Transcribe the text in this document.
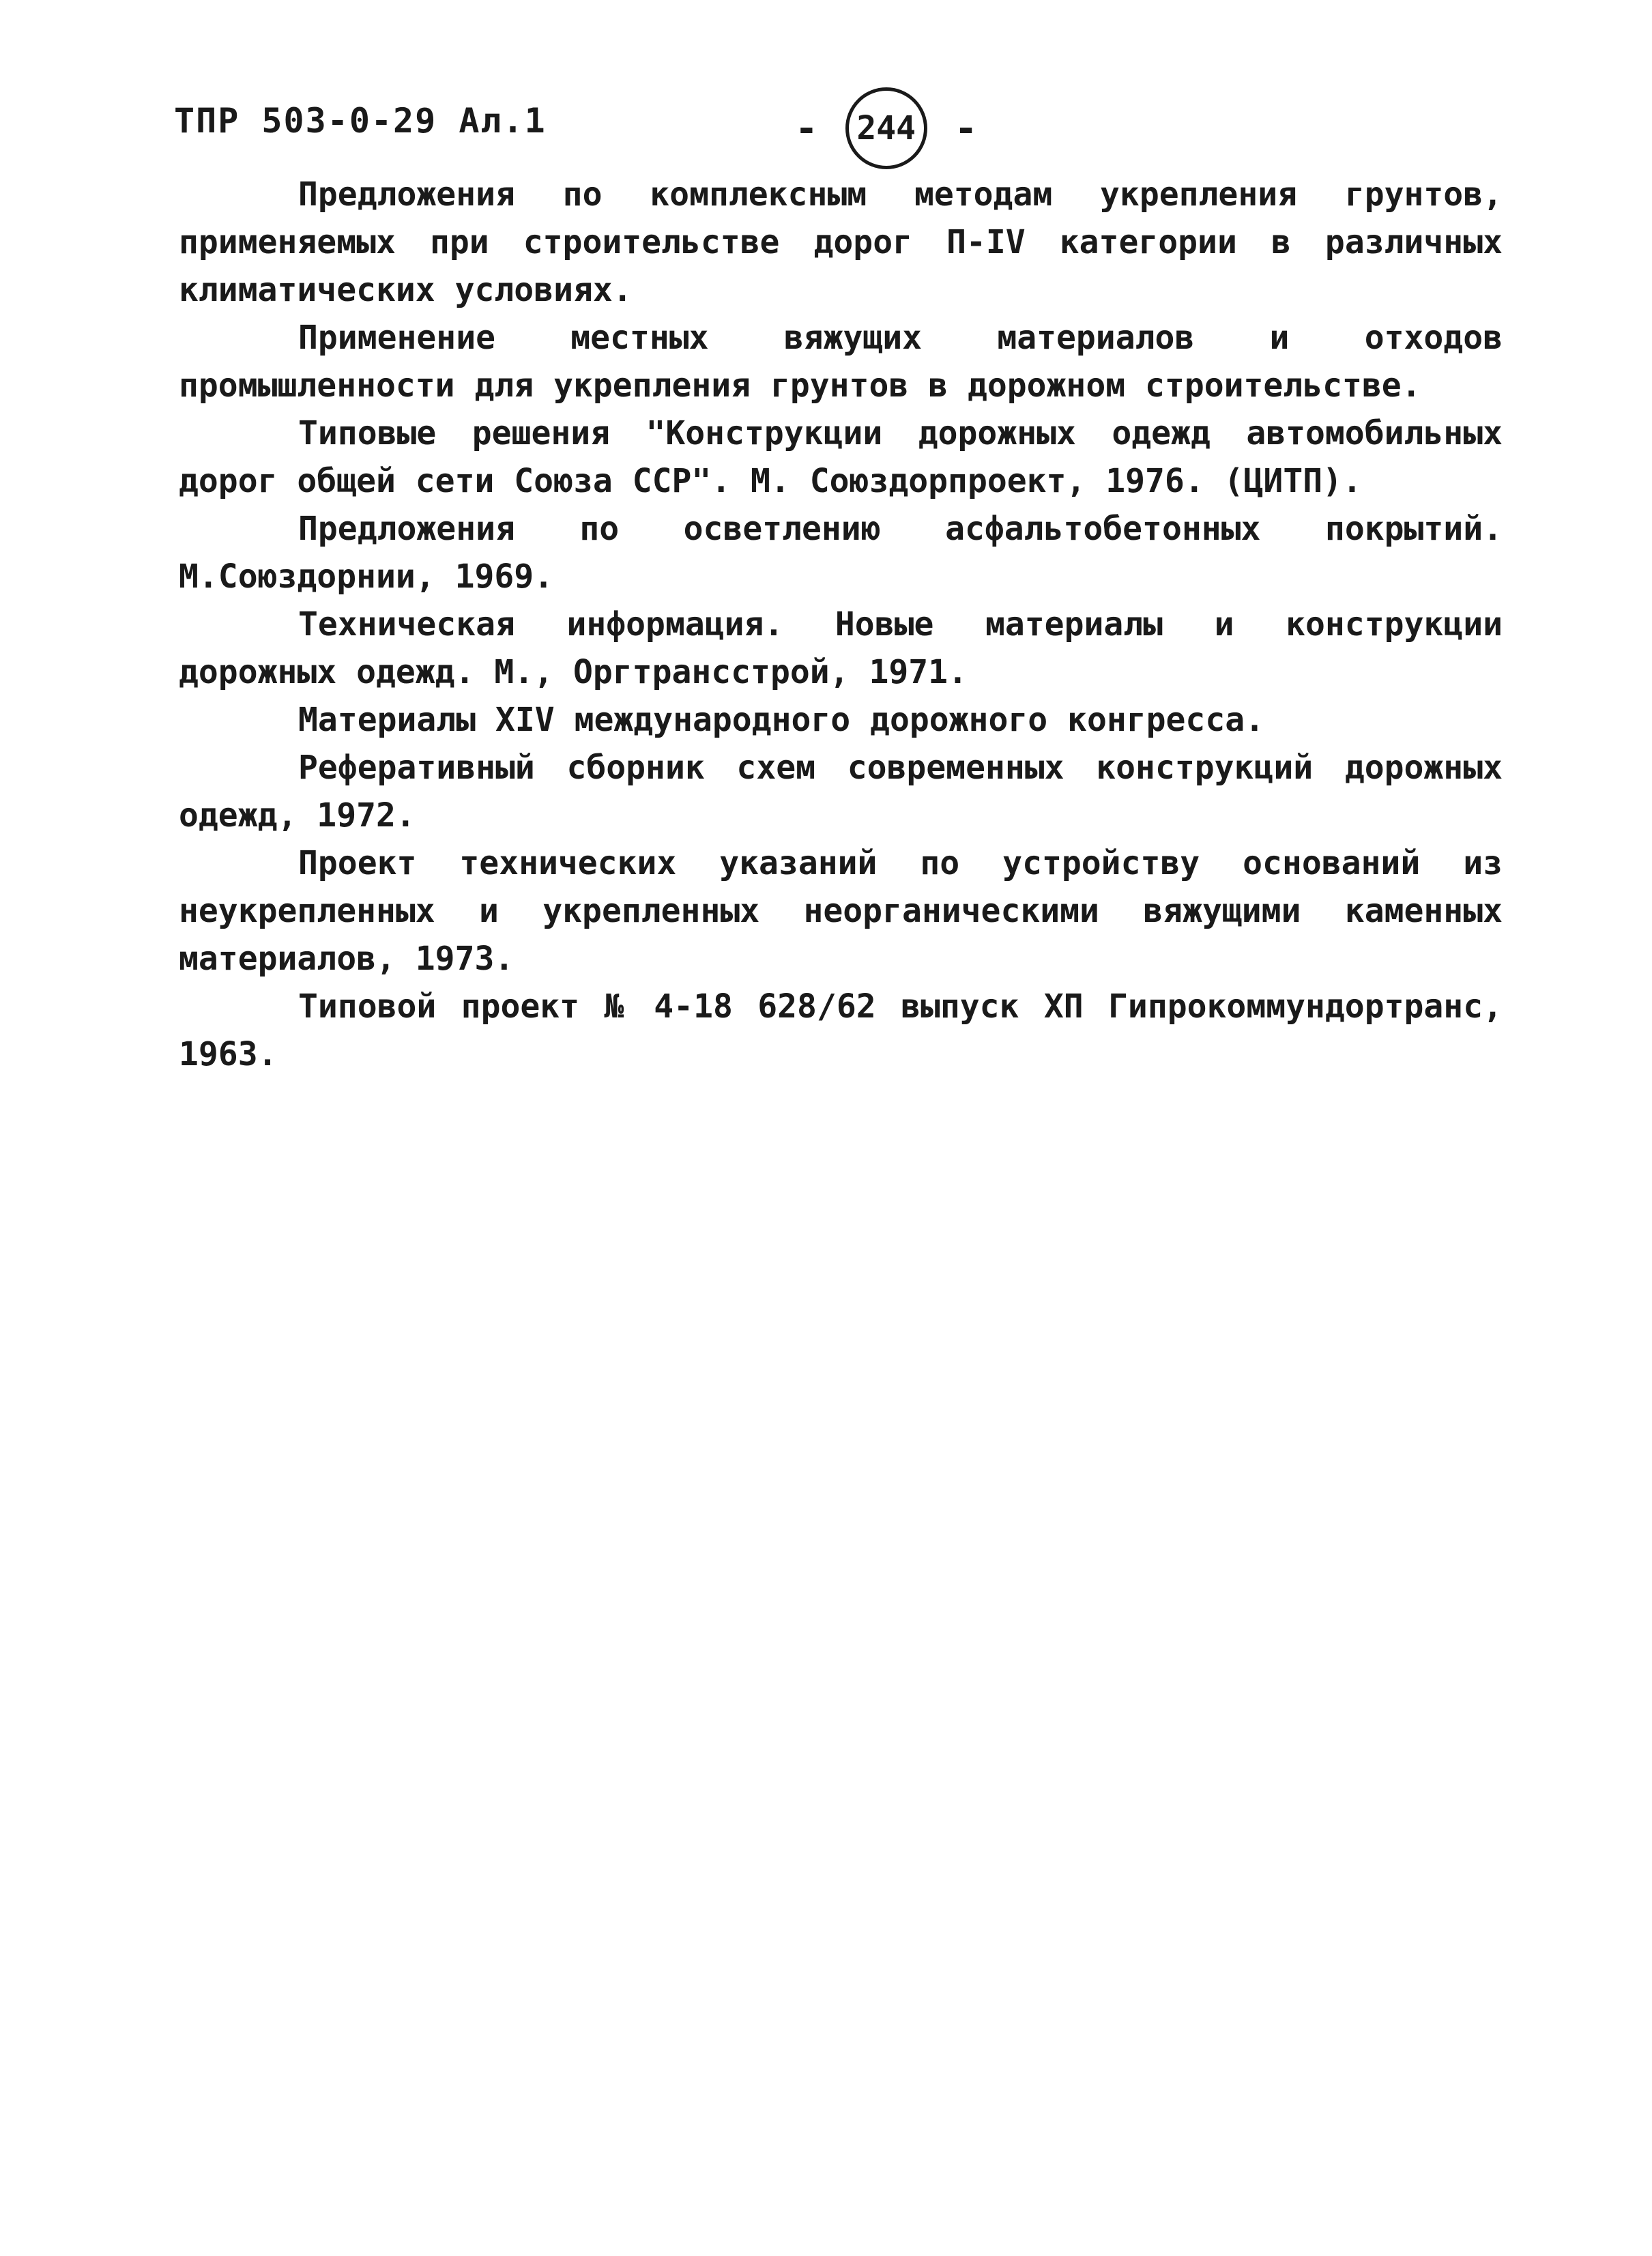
ТПР 503-0-29 Ал.1	-	244	-

Предложения по комплексным методам укрепления грунтов, применяемых при строительстве дорог П-IV категории в различных климатических условиях.

Применение местных вяжущих материалов и отходов промышленности для укрепления грунтов в дорожном строительстве.

Типовые решения "Конструкции дорожных одежд автомобильных дорог общей сети Союза ССР". М. Союздорпроект, 1976. (ЦИТП).

Предложения по осветлению асфальтобетонных покрытий. М.Союздорнии, 1969.

Техническая информация. Новые материалы и конструкции дорожных одежд. М., Оргтрансстрой, 1971.

Материалы XIV международного дорожного конгресса.

Реферативный сборник схем современных конструкций дорожных одежд, 1972.

Проект технических указаний по устройству оснований из неукрепленных и укрепленных неорганическими вяжущими каменных материалов, 1973.

Типовой проект № 4-18 628/62 выпуск XП Гипрокоммундортранс, 1963.
